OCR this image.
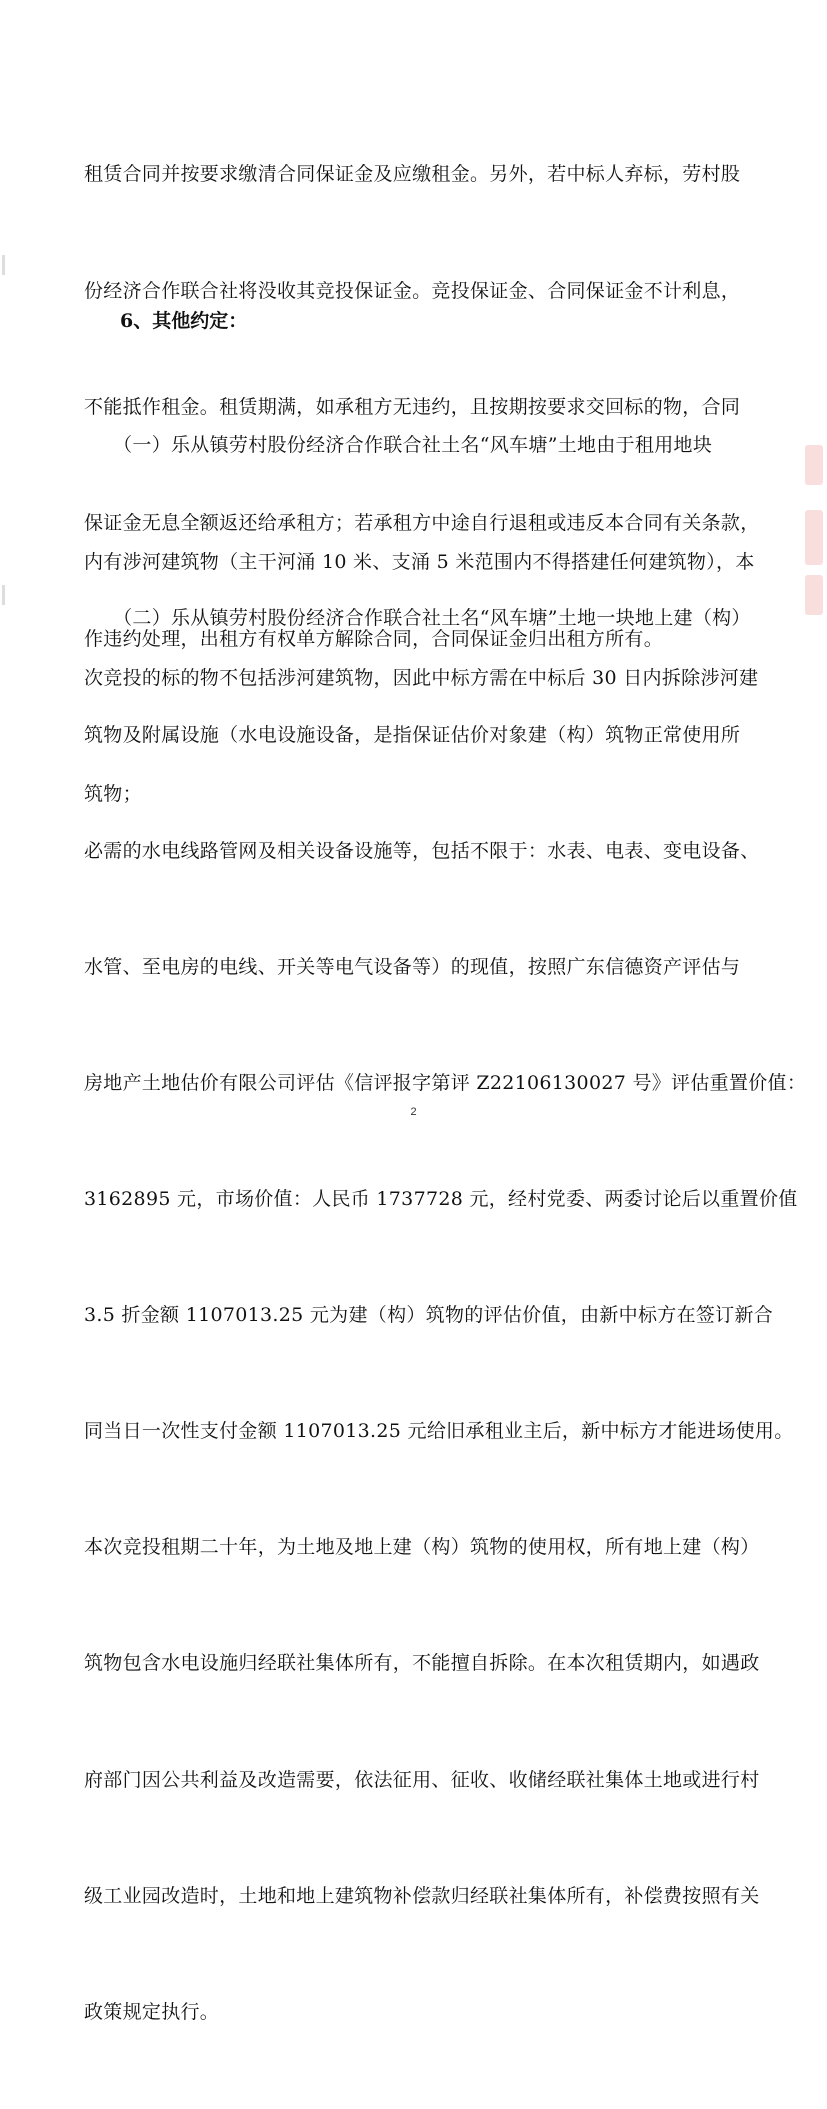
租赁合同并按要求缴清合同保证金及应缴租金。另外，若中标人弃标，劳村股

份经济合作联合社将没收其竞投保证金。竞投保证金、合同保证金不计利息，

不能抵作租金。租赁期满，如承租方无违约，且按期按要求交回标的物，合同

保证金无息全额返还给承租方；若承租方中途自行退租或违反本合同有关条款，

作违约处理，出租方有权单方解除合同，合同保证金归出租方所有。

6、其他约定：

　　（一）乐从镇劳村股份经济合作联合社土名“风车塘”土地由于租用地块

内有涉河建筑物（主干河涌 10 米、支涌 5 米范围内不得搭建任何建筑物），本

次竞投的标的物不包括涉河建筑物，因此中标方需在中标后 30 日内拆除涉河建

筑物；

　　（二）乐从镇劳村股份经济合作联合社土名“风车塘”土地一块地上建（构）

筑物及附属设施（水电设施设备，是指保证估价对象建（构）筑物正常使用所

必需的水电线路管网及相关设备设施等，包括不限于：水表、电表、变电设备、

水管、至电房的电线、开关等电气设备等）的现值，按照广东信德资产评估与

房地产土地估价有限公司评估《信评报字第评 Z22106130027 号》评估重置价值：

3162895 元，市场价值：人民币 1737728 元，经村党委、两委讨论后以重置价值

3.5 折金额 1107013.25 元为建（构）筑物的评估价值，由新中标方在签订新合

同当日一次性支付金额 1107013.25 元给旧承租业主后，新中标方才能进场使用。

本次竞投租期二十年，为土地及地上建（构）筑物的使用权，所有地上建（构）

筑物包含水电设施归经联社集体所有，不能擅自拆除。在本次租赁期内，如遇政

府部门因公共利益及改造需要，依法征用、征收、收储经联社集体土地或进行村

级工业园改造时，土地和地上建筑物补偿款归经联社集体所有，补偿费按照有关

政策规定执行。

2
